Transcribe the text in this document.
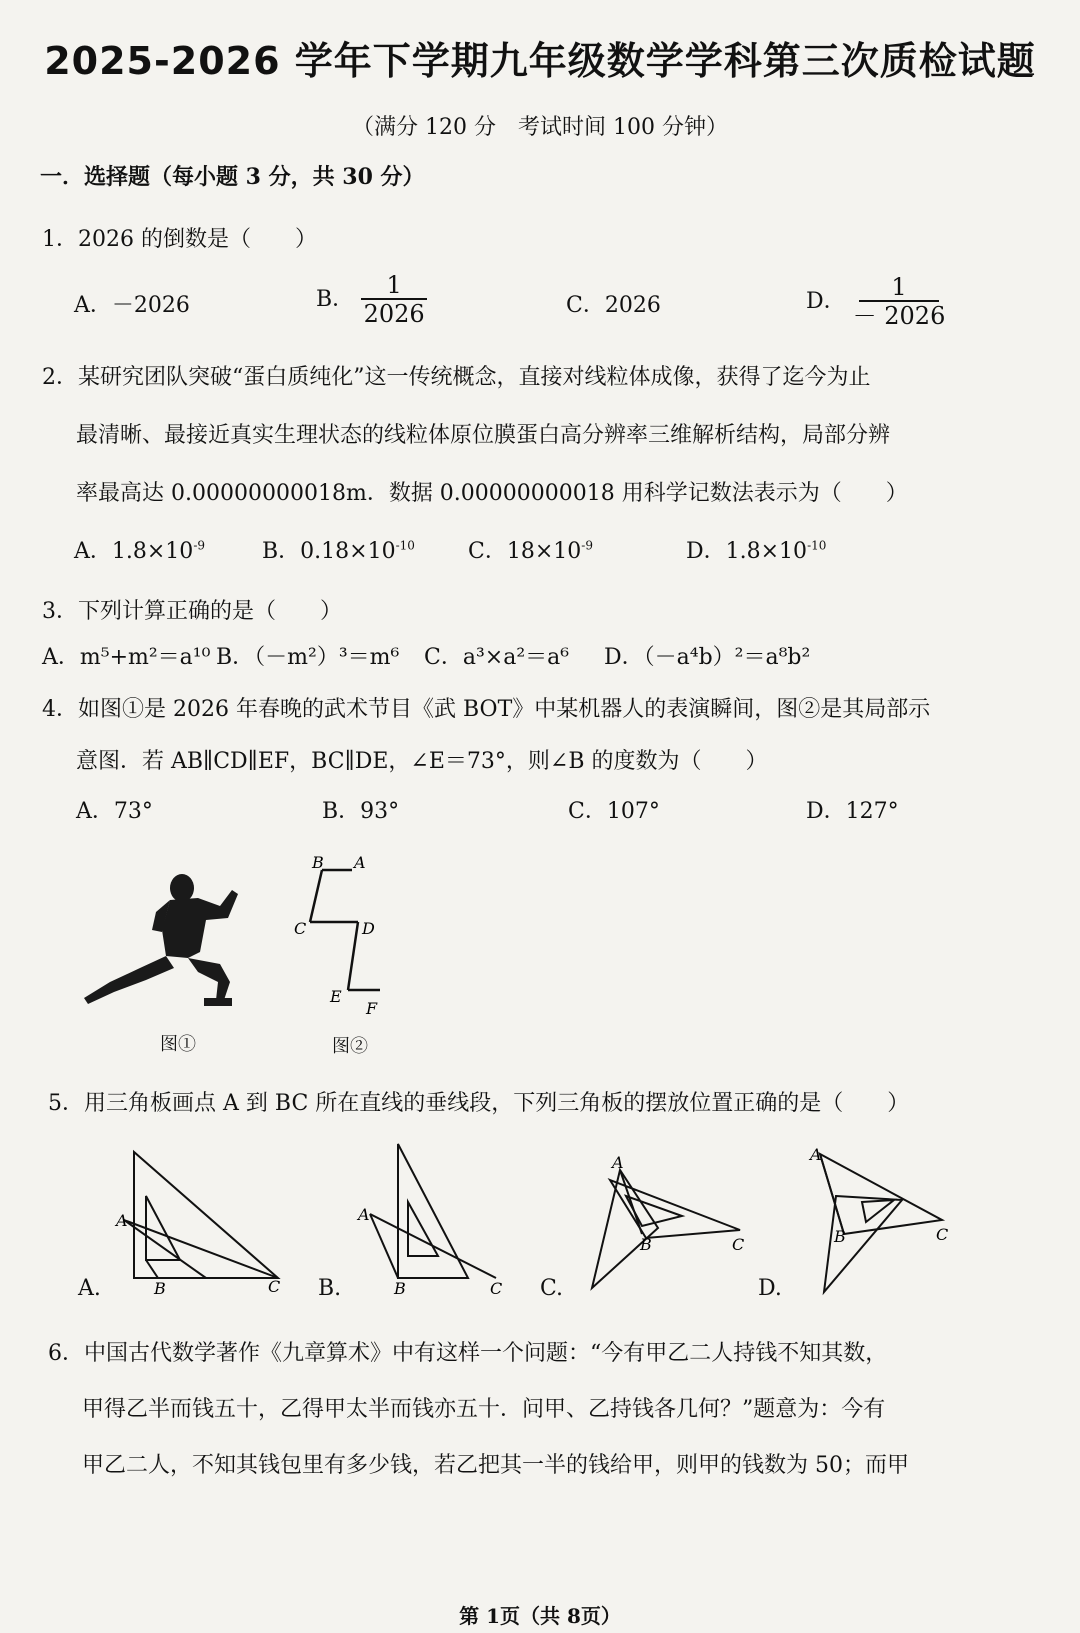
2025-2026 学年下学期九年级数学学科第三次质检试题
（满分 120 分　考试时间 100 分钟）
一．选择题（每小题 3 分，共 30 分）
1．2026 的倒数是（　　）
A．－2026	B． $\frac{1}{2026}$	C．2026	D． $\frac{1}{- 2026}$
2．某研究团队突破“蛋白质纯化”这一传统概念，直接对线粒体成像，获得了迄今为止
最清晰、最接近真实生理状态的线粒体原位膜蛋白高分辨率三维解析结构，局部分辨
率最高达 0.00000000018m．数据 0.00000000018 用科学记数法表示为（　　）
A．$1.8\times 10^{-9}$	B．$0.18\times 10^{-10}$ C．$18\times 10^{-9}$	D．$1.8\times 10^{-10}$
3．下列计算正确的是（　　）
A．m⁵+m²＝a¹⁰ B．（－m²）³＝m⁶ C．a³×a²＝a⁶ D．（－a⁴b）²＝a⁸b²
4．如图①是 2026 年春晚的武术节目《武 BOT》中某机器人的表演瞬间，图②是其局部示
意图．若 AB∥CD∥EF，BC∥DE，∠E＝73°，则∠B 的度数为（　　）
A．73°	B．93°	C．107°	D．127°
图①
B A
C	D
E
F
图②
5．用三角板画点 A 到 BC 所在直线的垂线段，下列三角板的摆放位置正确的是（　　）
A.
A
B	C B.
A
B	C C.
A
B	C
D.
A
B	C
6．中国古代数学著作《九章算术》中有这样一个问题：“今有甲乙二人持钱不知其数，
甲得乙半而钱五十，乙得甲太半而钱亦五十．问甲、乙持钱各几何？”题意为：今有
甲乙二人，不知其钱包里有多少钱，若乙把其一半的钱给甲，则甲的钱数为 50；而甲
第 1页（共 8页）
